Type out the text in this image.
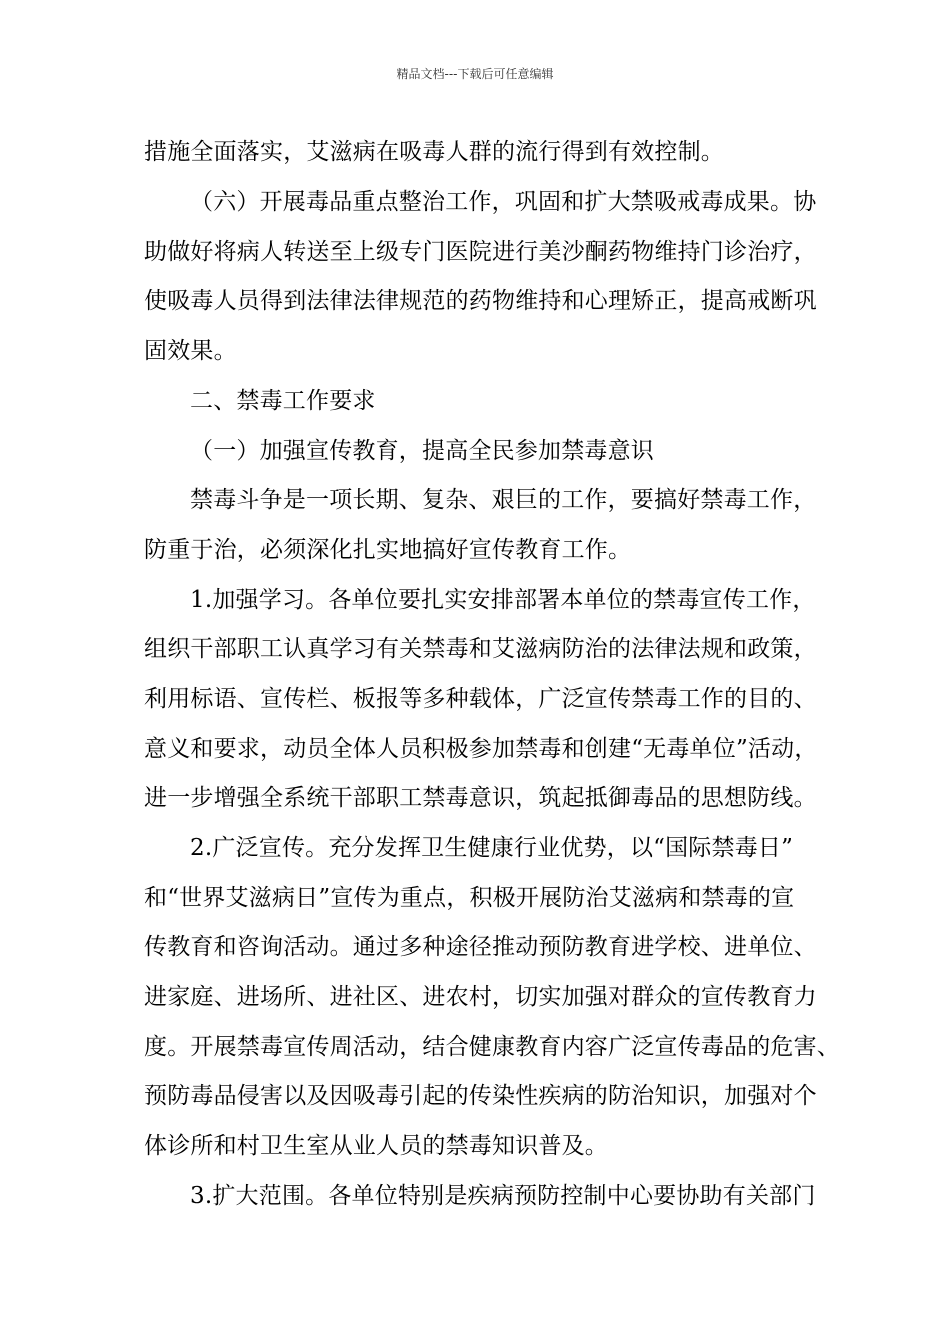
精品文档---下载后可任意编辑
措施全面落实，艾滋病在吸毒人群的流行得到有效控制。
（六）开展毒品重点整治工作，巩固和扩大禁吸戒毒成果。协
助做好将病人转送至上级专门医院进行美沙酮药物维持门诊治疗，
使吸毒人员得到法律法律规范的药物维持和心理矫正，提高戒断巩
固效果。
二、禁毒工作要求
（一）加强宣传教育，提高全民参加禁毒意识
禁毒斗争是一项长期、复杂、艰巨的工作，要搞好禁毒工作，
防重于治，必须深化扎实地搞好宣传教育工作。
1.加强学习。各单位要扎实安排部署本单位的禁毒宣传工作，
组织干部职工认真学习有关禁毒和艾滋病防治的法律法规和政策，
利用标语、宣传栏、板报等多种载体，广泛宣传禁毒工作的目的、
意义和要求，动员全体人员积极参加禁毒和创建“无毒单位”活动，
进一步增强全系统干部职工禁毒意识，筑起抵御毒品的思想防线。
2.广泛宣传。充分发挥卫生健康行业优势，以“国际禁毒日”
和“世界艾滋病日”宣传为重点，积极开展防治艾滋病和禁毒的宣
传教育和咨询活动。通过多种途径推动预防教育进学校、进单位、
进家庭、进场所、进社区、进农村，切实加强对群众的宣传教育力
度。开展禁毒宣传周活动，结合健康教育内容广泛宣传毒品的危害、
预防毒品侵害以及因吸毒引起的传染性疾病的防治知识，加强对个
体诊所和村卫生室从业人员的禁毒知识普及。
3.扩大范围。各单位特别是疾病预防控制中心要协助有关部门
